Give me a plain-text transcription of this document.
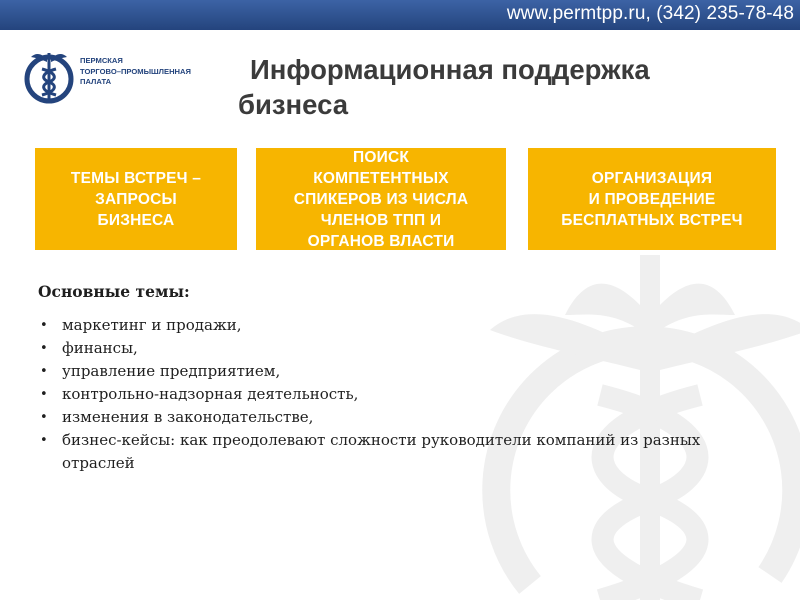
www.permtpp.ru, (342) 235-78-48
ПЕРМСКАЯ
ТОРГОВО–ПРОМЫШЛЕННАЯ
ПАЛАТА	Информационная поддержка
бизнеса
ТЕМЫ ВСТРЕЧ –
ЗАПРОСЫ
БИЗНЕСА
ПОИСК
КОМПЕТЕНТНЫХ
СПИКЕРОВ ИЗ ЧИСЛА
ЧЛЕНОВ ТПП И
ОРГАНОВ ВЛАСТИ
ОРГАНИЗАЦИЯ
И ПРОВЕДЕНИЕ
БЕСПЛАТНЫХ ВСТРЕЧ

Основные темы:

• маркетинг и продажи,
• финансы,
• управление предприятием,
• контрольно-надзорная деятельность,
• изменения в законодательстве,
• бизнес-кейсы: как преодолевают сложности руководители компаний из разных отраслей
